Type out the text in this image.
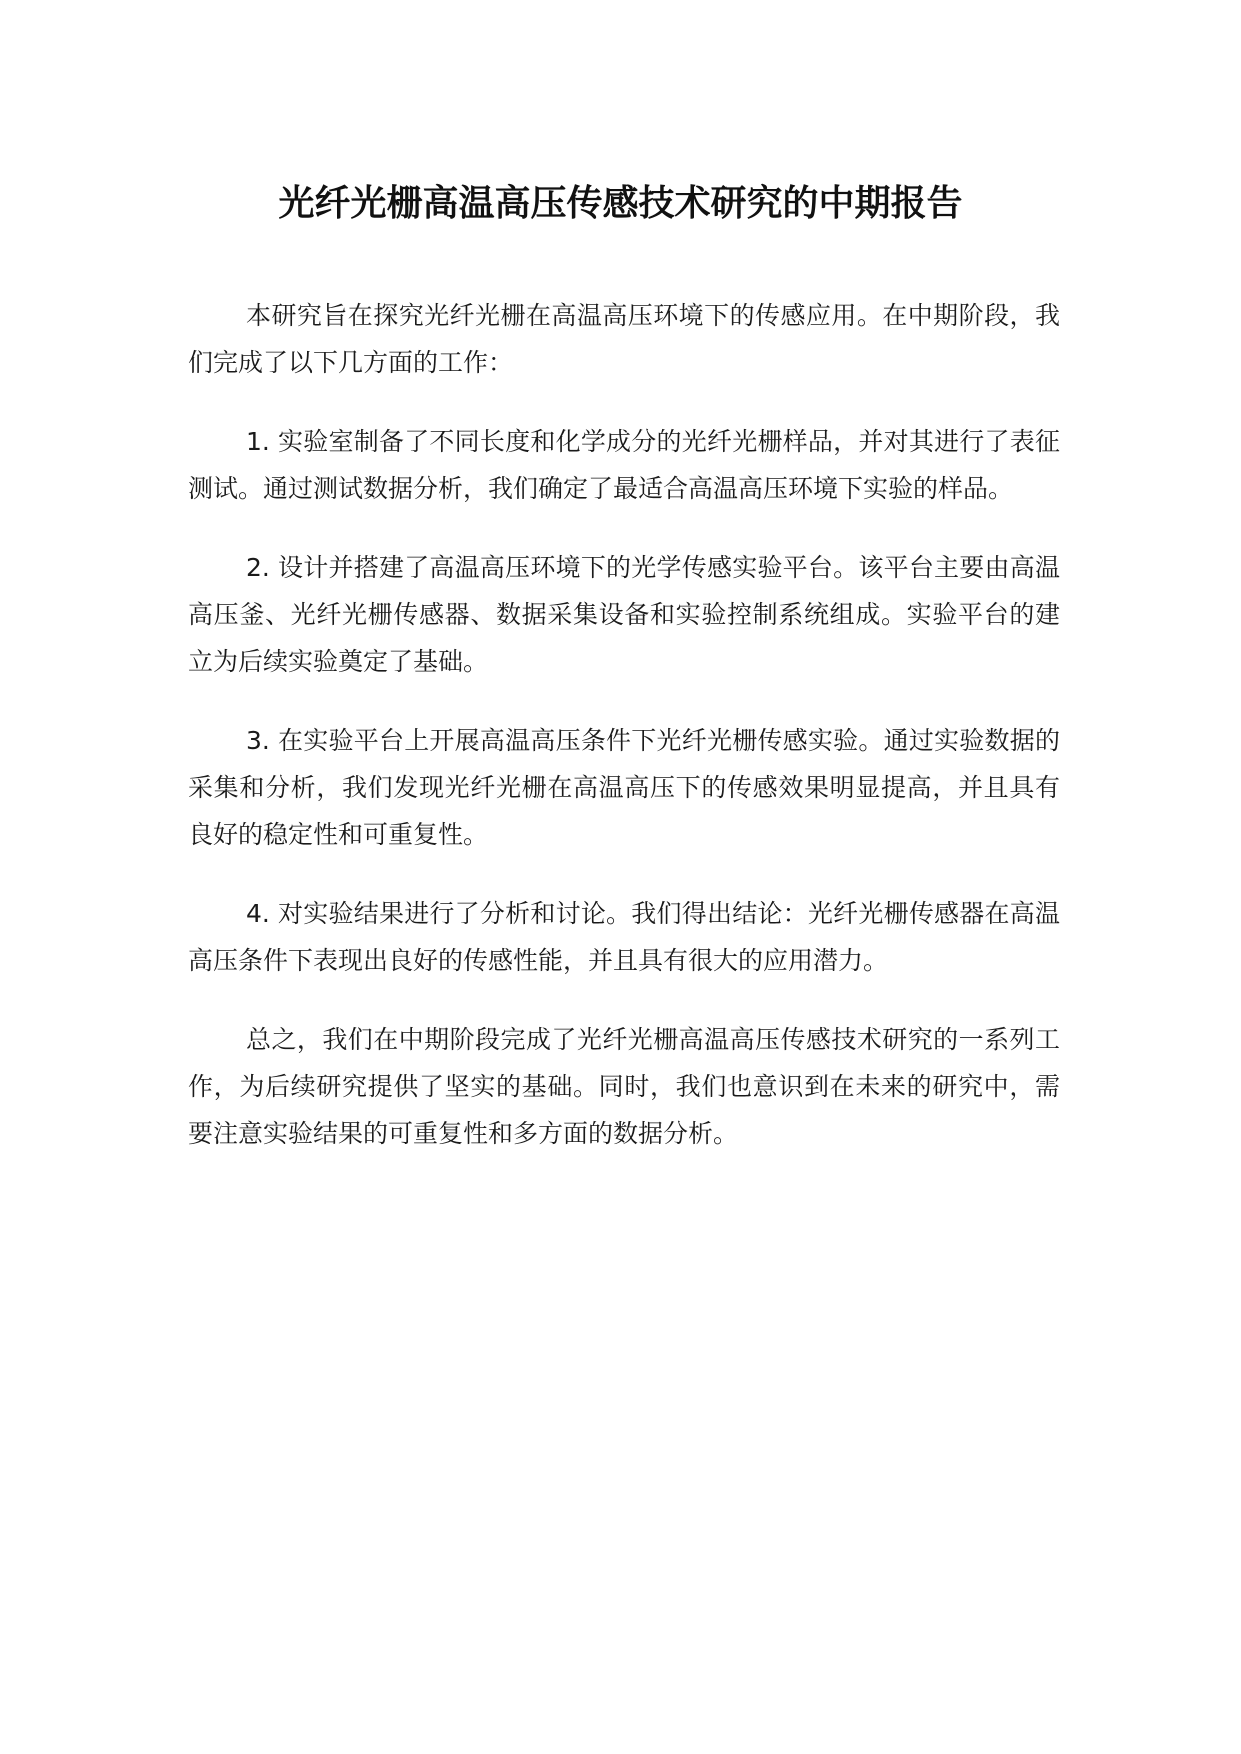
光纤光栅高温高压传感技术研究的中期报告

本研究旨在探究光纤光栅在高温高压环境下的传感应用。在中期阶段，我们完成了以下几方面的工作：

1. 实验室制备了不同长度和化学成分的光纤光栅样品，并对其进行了表征测试。通过测试数据分析，我们确定了最适合高温高压环境下实验的样品。

2. 设计并搭建了高温高压环境下的光学传感实验平台。该平台主要由高温高压釜、光纤光栅传感器、数据采集设备和实验控制系统组成。实验平台的建立为后续实验奠定了基础。

3. 在实验平台上开展高温高压条件下光纤光栅传感实验。通过实验数据的采集和分析，我们发现光纤光栅在高温高压下的传感效果明显提高，并且具有良好的稳定性和可重复性。

4. 对实验结果进行了分析和讨论。我们得出结论：光纤光栅传感器在高温高压条件下表现出良好的传感性能，并且具有很大的应用潜力。

总之，我们在中期阶段完成了光纤光栅高温高压传感技术研究的一系列工作，为后续研究提供了坚实的基础。同时，我们也意识到在未来的研究中，需要注意实验结果的可重复性和多方面的数据分析。
